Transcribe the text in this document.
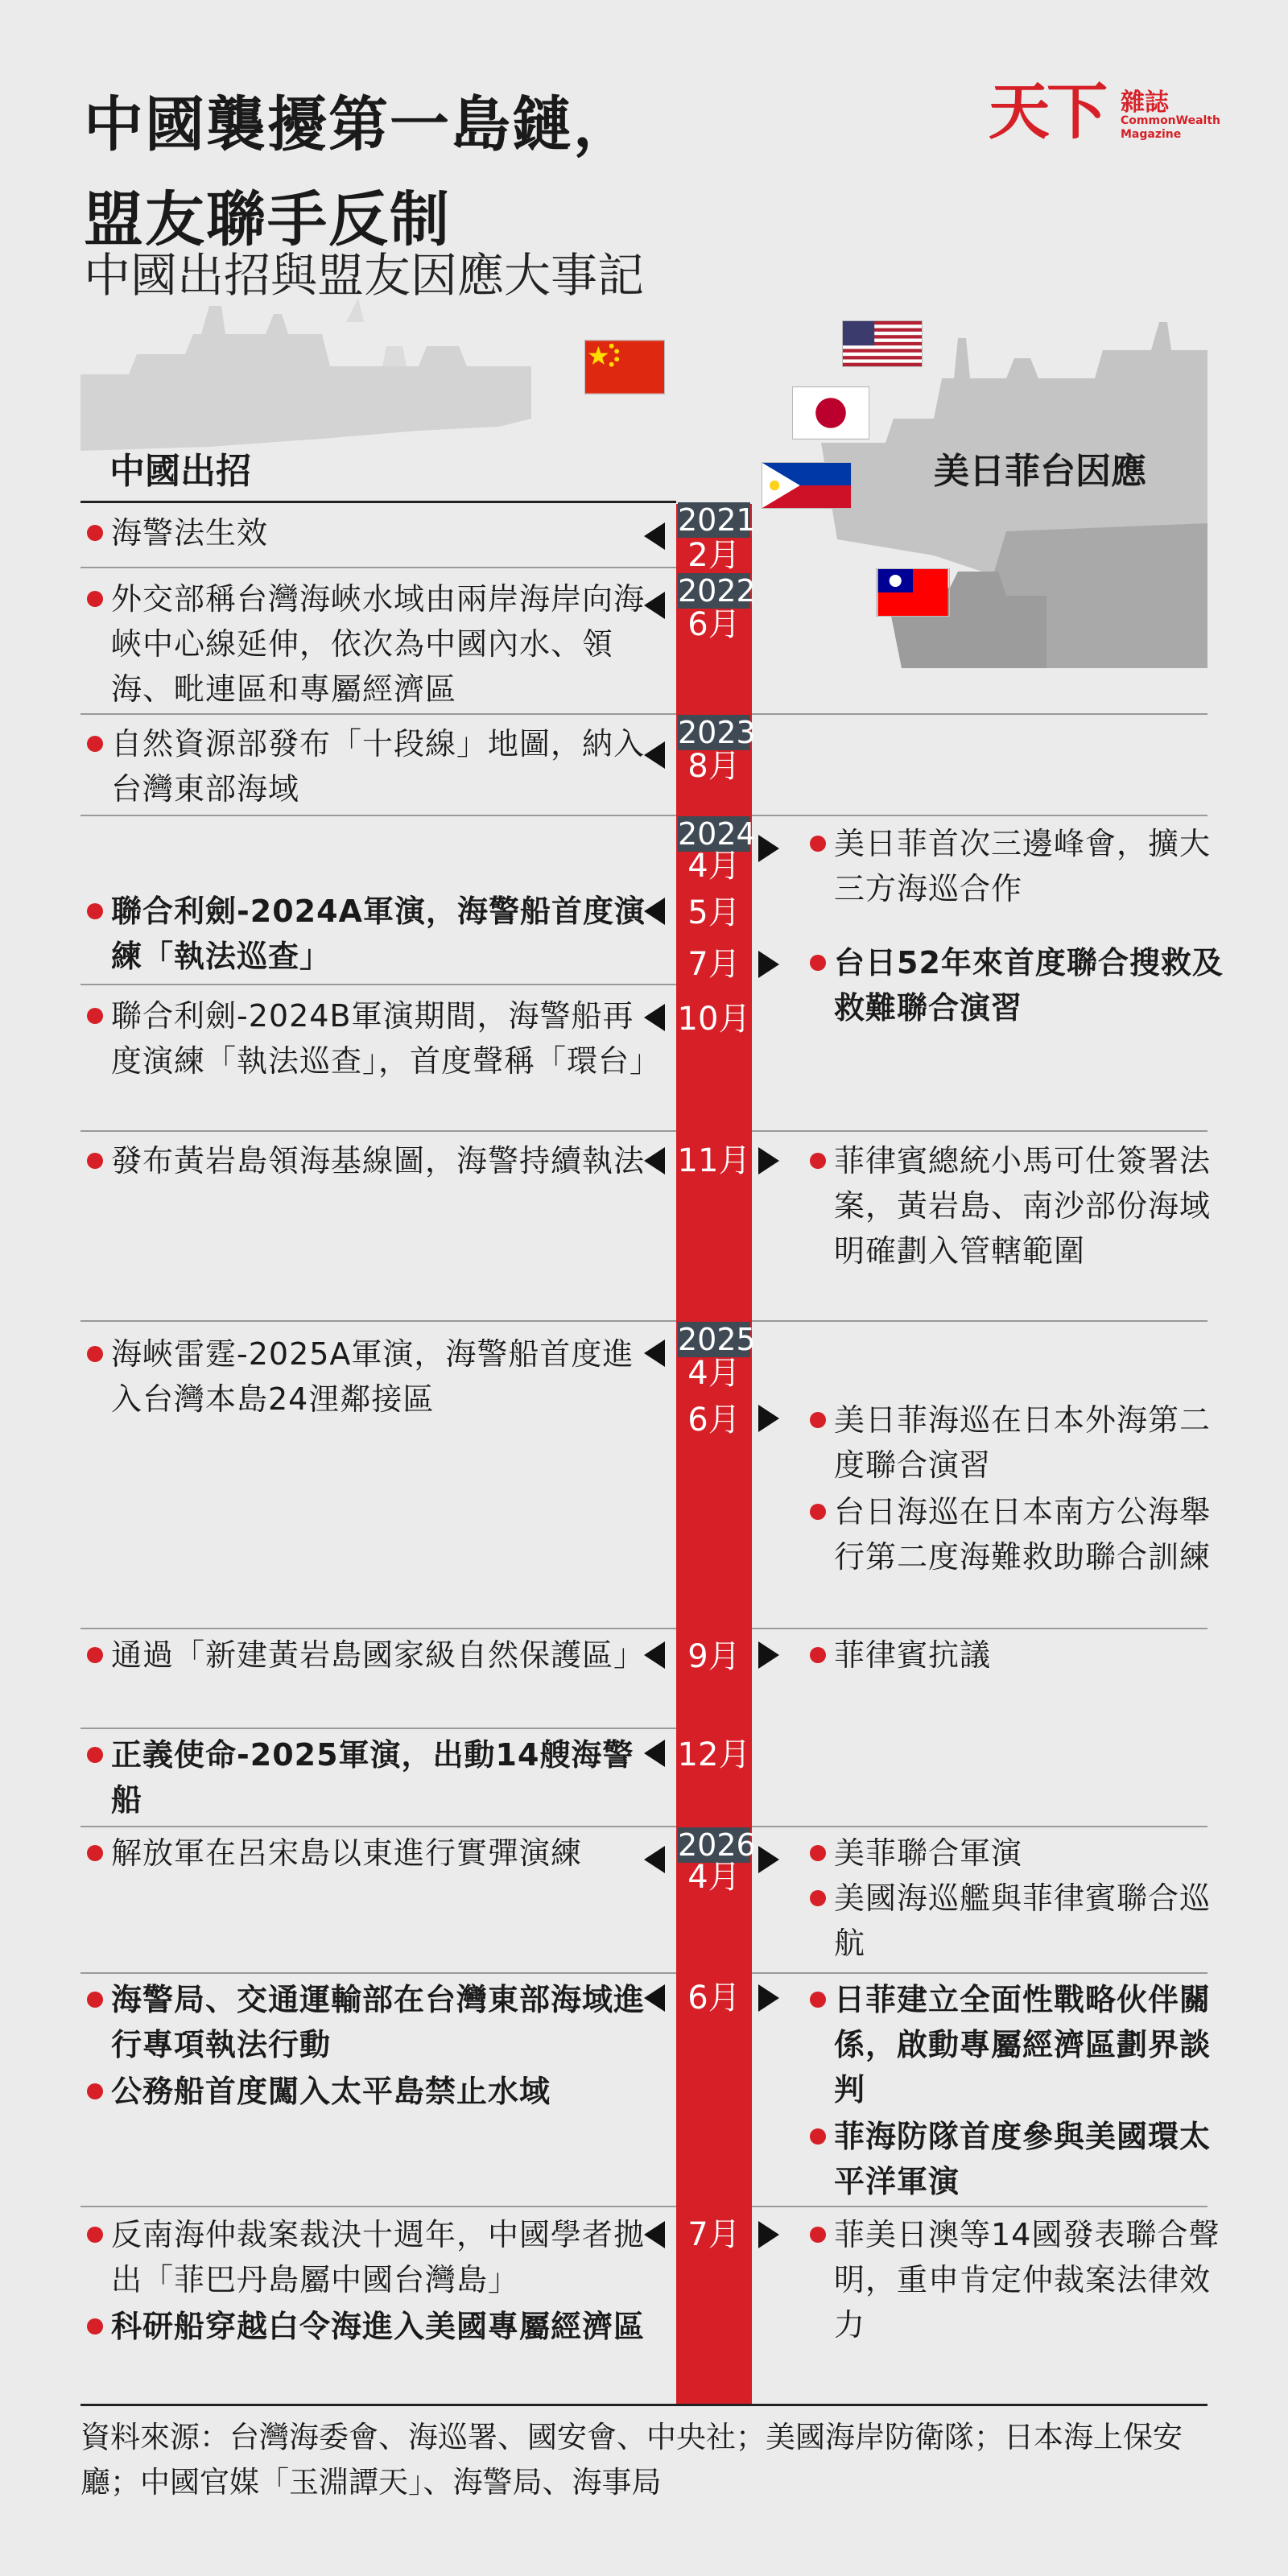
中國襲擾第一島鏈，
盟友聯手反制
中國出招與盟友因應大事記
天下 雜誌
CommonWealth
Magazine
中國出招	美日菲台因應
2021
2022
2023
2024
2025
2026
2月
6月
8月
4月
5月
7月
10月
11月
4月
6月
9月
12月
4月
6月
7月
海警法生效
外交部稱台灣海峽水域由兩岸海岸向海峽中心線延伸，依次為中國內水、領海、毗連區和專屬經濟區
自然資源部發布「十段線」地圖，納入台灣東部海域
聯合利劍-2024A軍演，海警船首度演練「執法巡查」
聯合利劍-2024B軍演期間，海警船再度演練「執法巡查」，首度聲稱「環台」
發布黃岩島領海基線圖，海警持續執法
海峽雷霆-2025A軍演，海警船首度進入台灣本島24浬鄰接區
通過「新建黃岩島國家級自然保護區」
正義使命-2025軍演，出動14艘海警船
解放軍在呂宋島以東進行實彈演練
海警局、交通運輸部在台灣東部海域進行專項執法行動
公務船首度闖入太平島禁止水域
反南海仲裁案裁決十週年，中國學者拋出「菲巴丹島屬中國台灣島」
科研船穿越白令海進入美國專屬經濟區
美日菲首次三邊峰會，擴大三方海巡合作
台日52年來首度聯合搜救及救難聯合演習
菲律賓總統小馬可仕簽署法案，黃岩島、南沙部份海域明確劃入管轄範圍
美日菲海巡在日本外海第二度聯合演習
台日海巡在日本南方公海舉行第二度海難救助聯合訓練
菲律賓抗議
美菲聯合軍演
美國海巡艦與菲律賓聯合巡航
日菲建立全面性戰略伙伴關係，啟動專屬經濟區劃界談判
菲海防隊首度參與美國環太平洋軍演
菲美日澳等14國發表聯合聲明，重申肯定仲裁案法律效力
資料來源：台灣海委會、海巡署、國安會、中央社；美國海岸防衛隊；日本海上保安廳；中國官媒「玉淵譚天」、海警局、海事局
